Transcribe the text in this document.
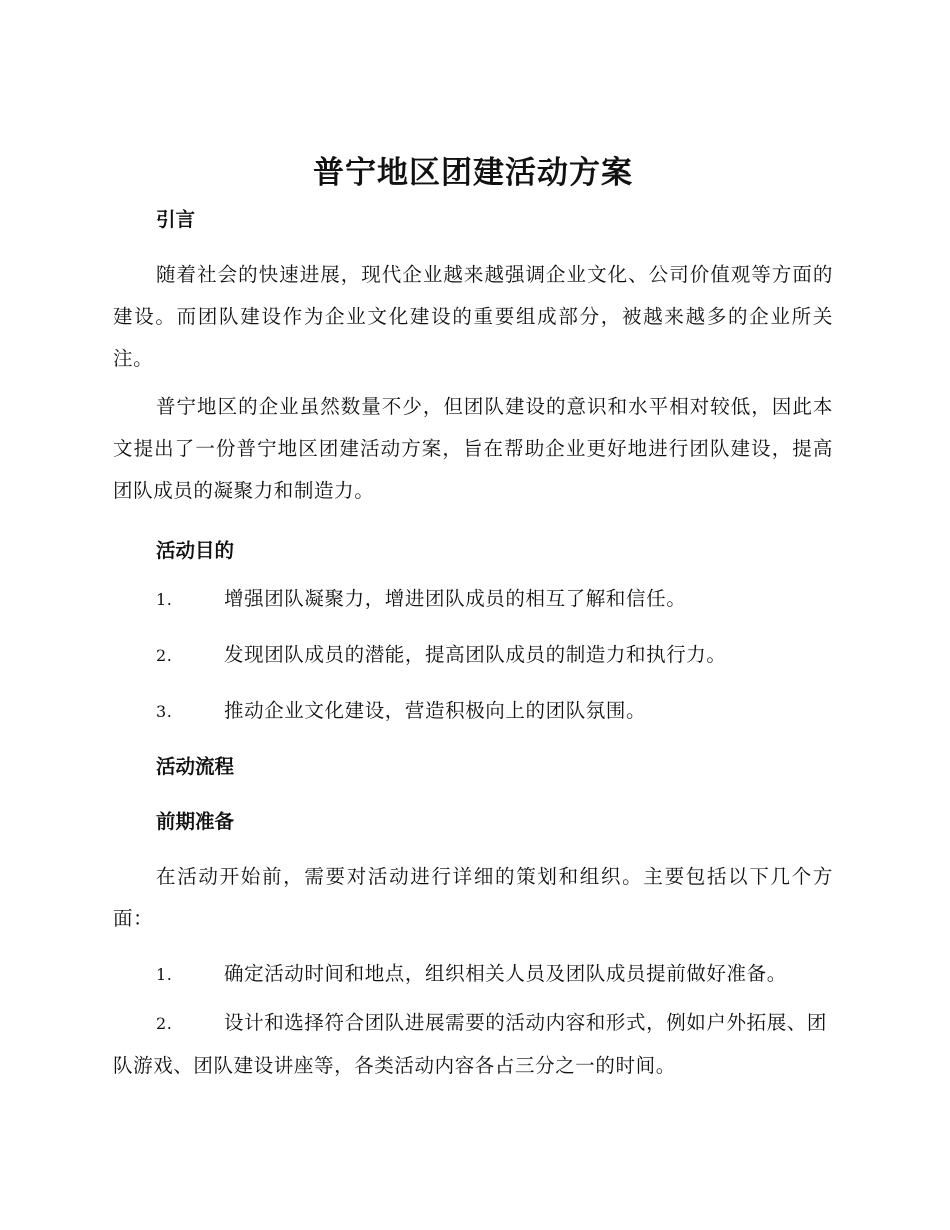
普宁地区团建活动方案
引言

随着社会的快速进展，现代企业越来越强调企业文化、公司价值观等方面的建设。而团队建设作为企业文化建设的重要组成部分，被越来越多的企业所关注。

普宁地区的企业虽然数量不少，但团队建设的意识和水平相对较低，因此本文提出了一份普宁地区团建活动方案，旨在帮助企业更好地进行团队建设，提高团队成员的凝聚力和制造力。

活动目的

1.	增强团队凝聚力，增进团队成员的相互了解和信任。

2.	发现团队成员的潜能，提高团队成员的制造力和执行力。

3.	推动企业文化建设，营造积极向上的团队氛围。

活动流程
前期准备

在活动开始前，需要对活动进行详细的策划和组织。主要包括以下几个方面：

1.	确定活动时间和地点，组织相关人员及团队成员提前做好准备。

2.	设计和选择符合团队进展需要的活动内容和形式，例如户外拓展、团队游戏、团队建设讲座等，各类活动内容各占三分之一的时间。
